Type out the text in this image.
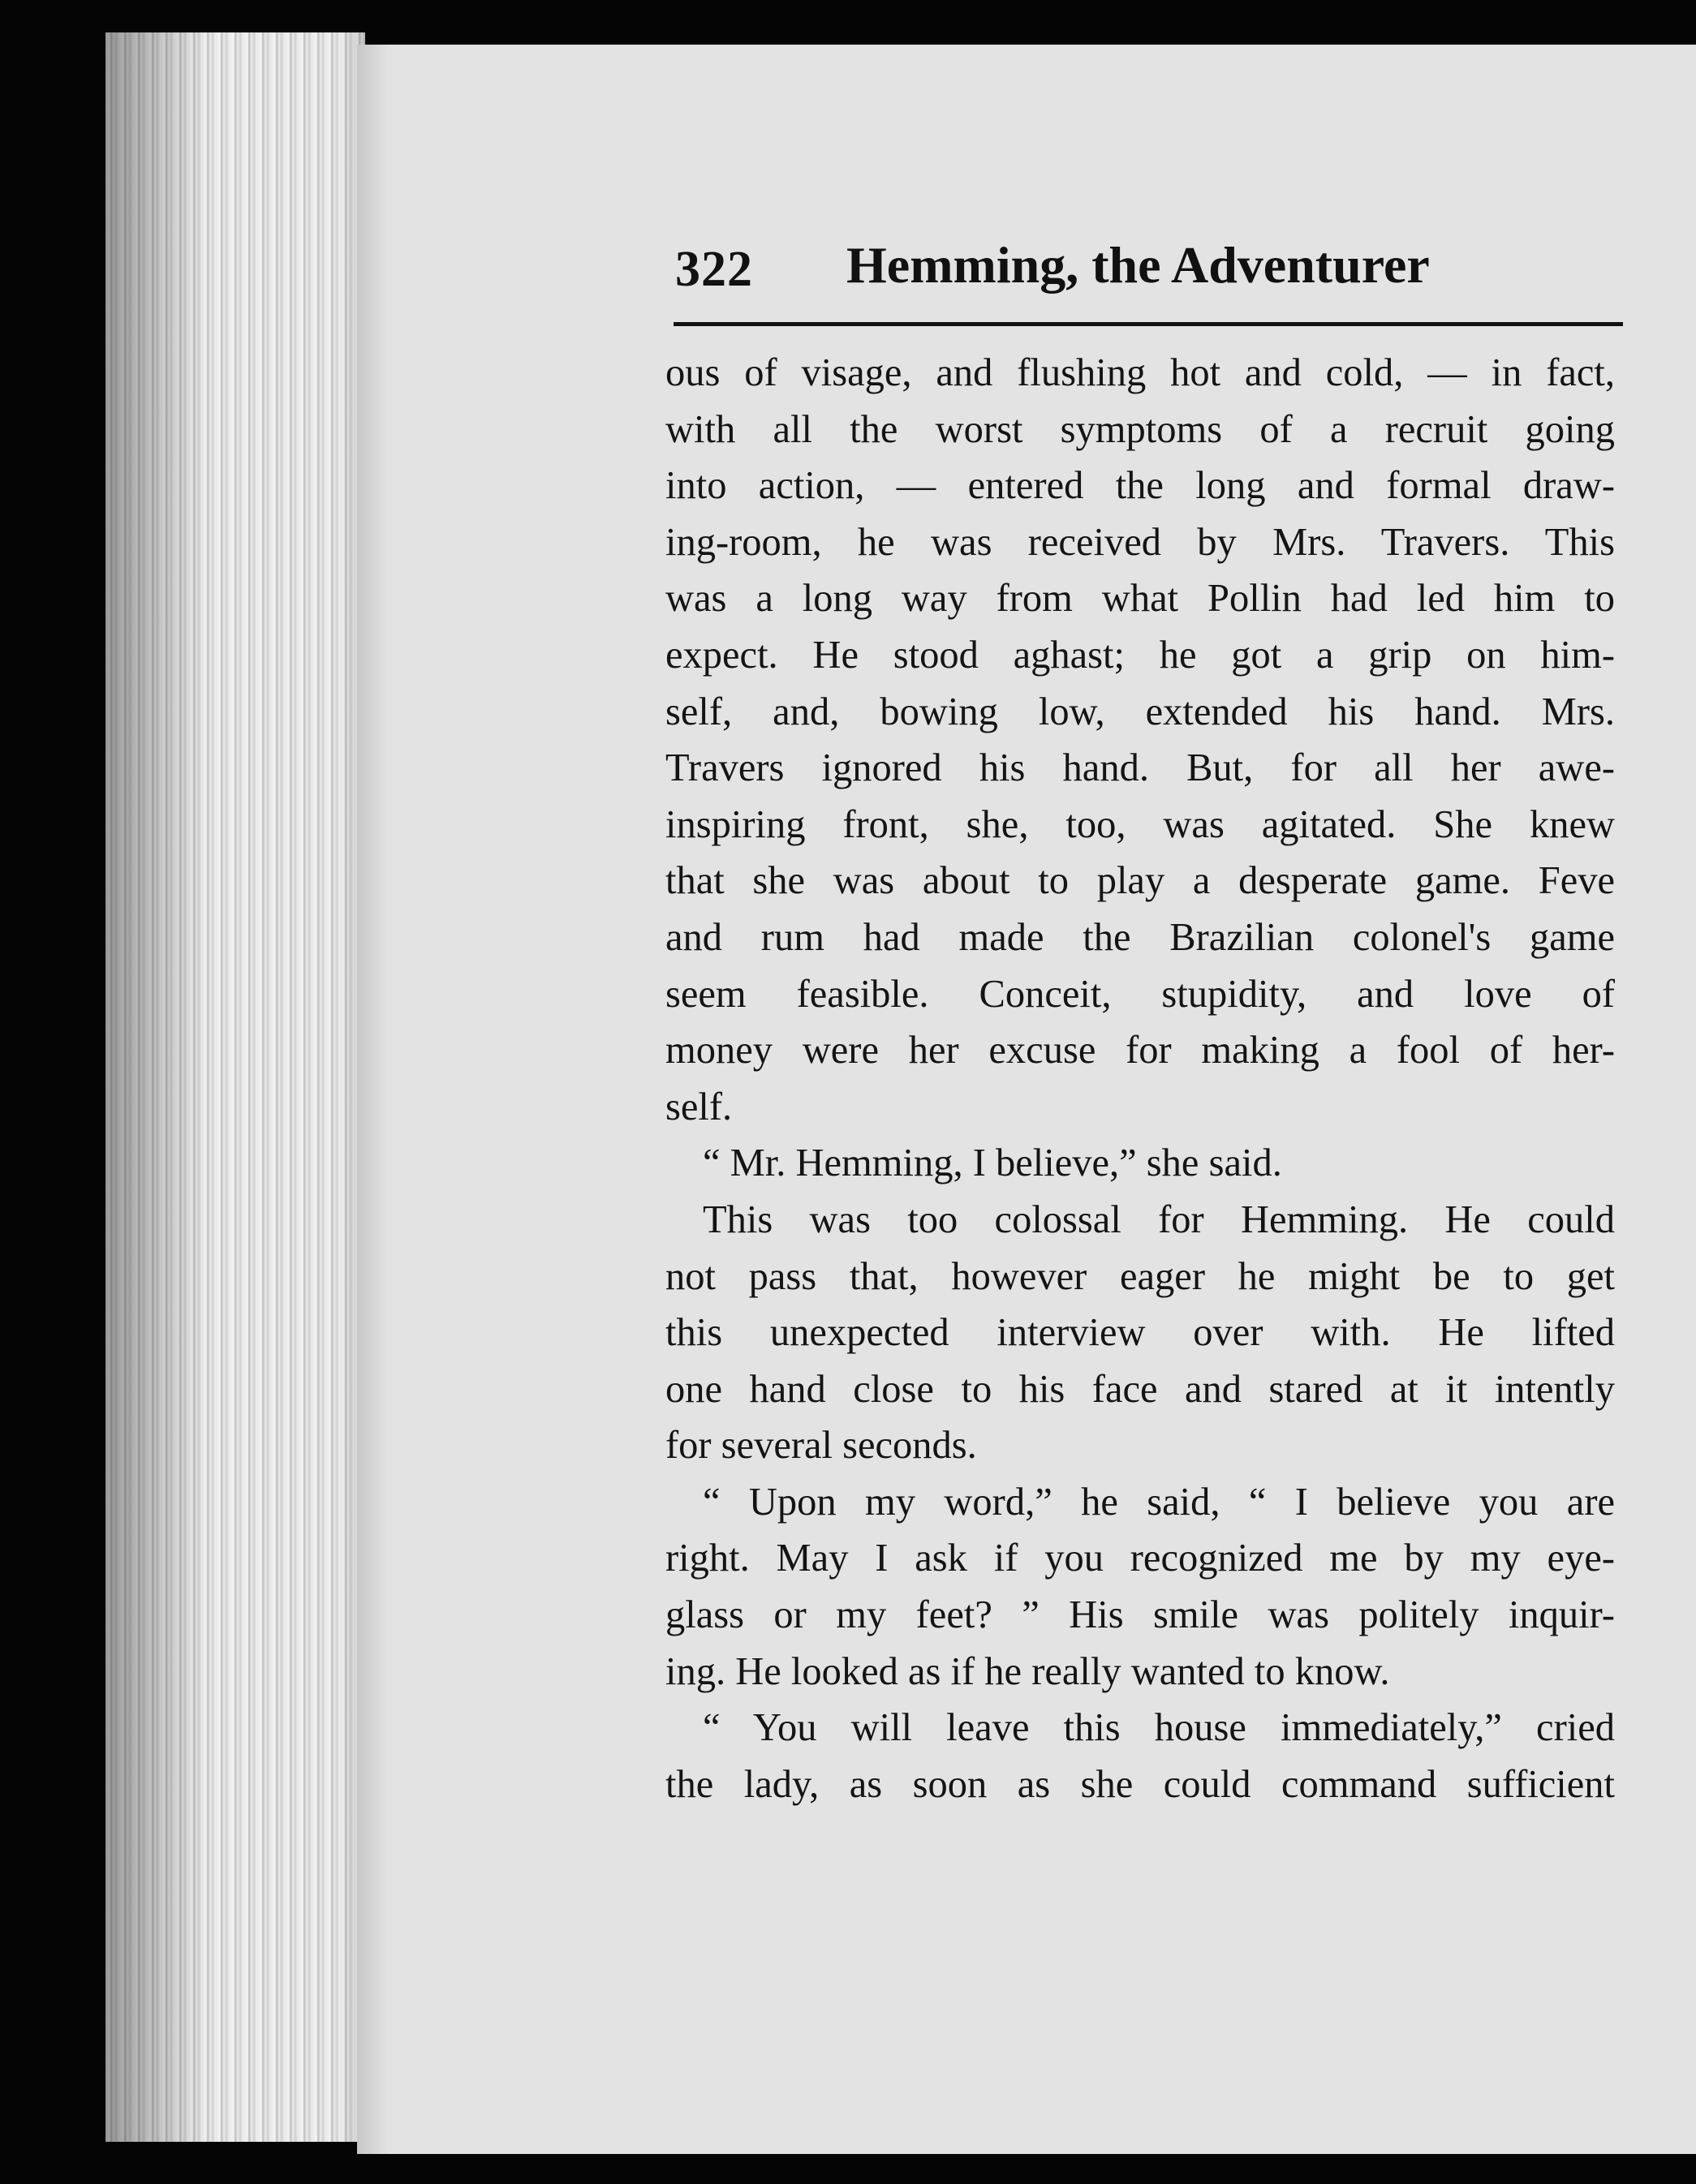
322 Hemming, the Adventurer
ous of visage, and flushing hot and cold, — in fact,
with all the worst symptoms of a recruit going
into action, — entered the long and formal draw-
ing-room, he was received by Mrs. Travers. This
was a long way from what Pollin had led him to
expect. He stood aghast; he got a grip on him-
self, and, bowing low, extended his hand. Mrs.
Travers ignored his hand. But, for all her awe-
inspiring front, she, too, was agitated. She knew
that she was about to play a desperate game. Feve
and rum had made the Brazilian colonel's game
seem feasible. Conceit, stupidity, and love of
money were her excuse for making a fool of her-
self.
“ Mr. Hemming, I believe,” she said.
This was too colossal for Hemming. He could
not pass that, however eager he might be to get
this unexpected interview over with. He lifted
one hand close to his face and stared at it intently
for several seconds.
“ Upon my word,” he said, “ I believe you are
right. May I ask if you recognized me by my eye-
glass or my feet? ” His smile was politely inquir-
ing. He looked as if he really wanted to know.
“ You will leave this house immediately,” cried
the lady, as soon as she could command sufficient
